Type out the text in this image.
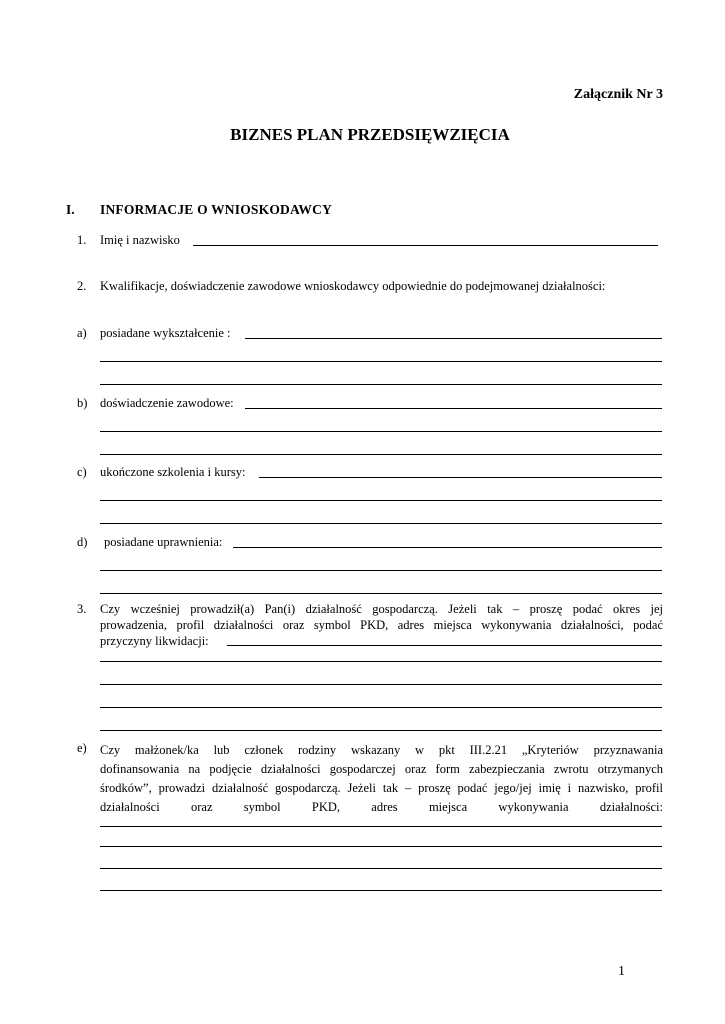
Załącznik Nr 3
BIZNES PLAN PRZEDSIĘWZIĘCIA
I. INFORMACJE O WNIOSKODAWCY
1. Imię i nazwisko
2. Kwalifikacje, doświadczenie zawodowe wnioskodawcy odpowiednie do podejmowanej działalności:
a) posiadane wykształcenie :
b) doświadczenie zawodowe:
c) ukończone szkolenia i kursy:
d) posiadane uprawnienia:
3. Czy wcześniej prowadził(a) Pan(i) działalność gospodarczą. Jeżeli tak – proszę podać okres jej
prowadzenia, profil działalności oraz symbol PKD, adres miejsca wykonywania działalności, podać
przyczyny likwidacji:
e) Czy małżonek/ka lub członek rodziny wskazany w pkt III.2.21 „Kryteriów przyznawania
dofinansowania na podjęcie działalności gospodarczej oraz form zabezpieczania zwrotu otrzymanych
środków”, prowadzi działalność gospodarczą. Jeżeli tak – proszę podać jego/jej imię i nazwisko, profil
działalności oraz symbol PKD, adres miejsca wykonywania działalności:
1
